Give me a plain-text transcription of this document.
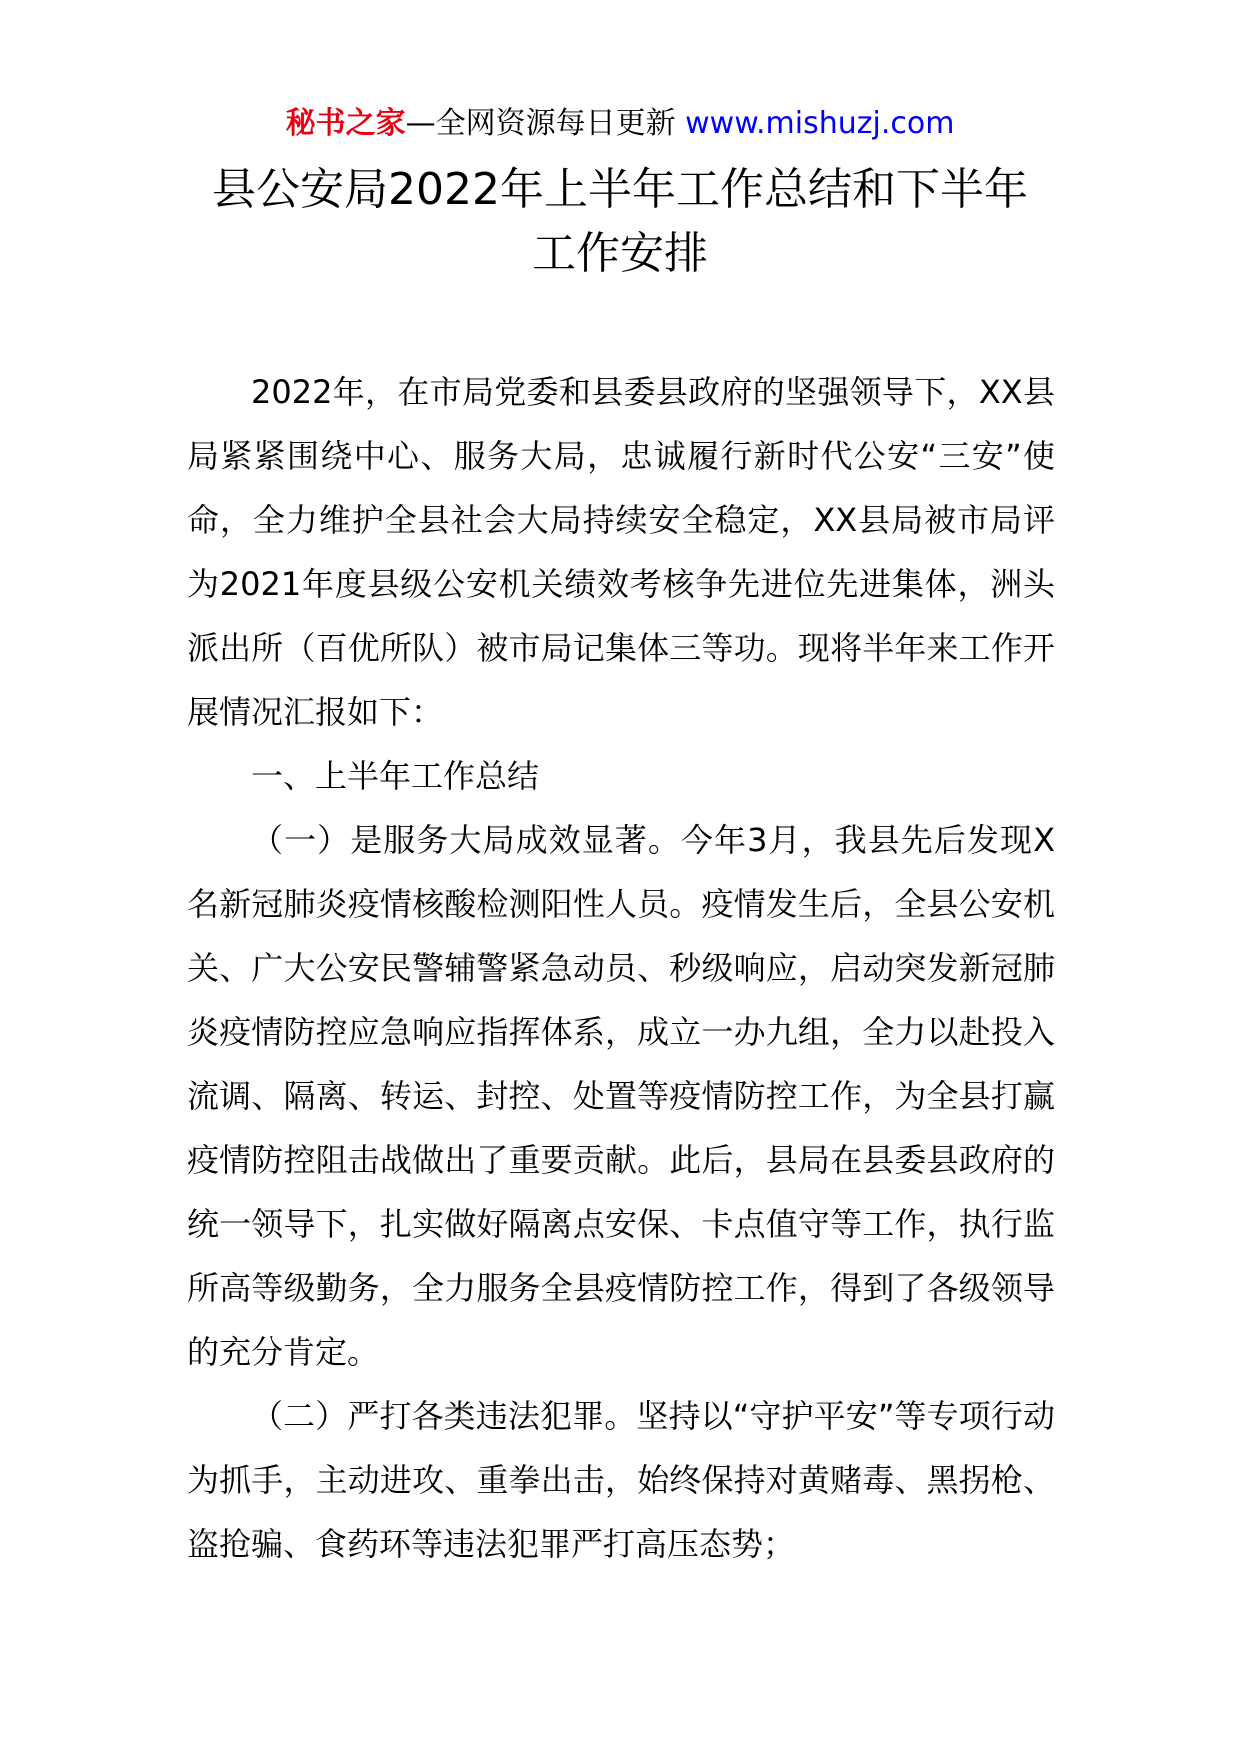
秘书之家—全网资源每日更新 www.mishuzj.com
县公安局2022年上半年工作总结和下半年
工作安排

2022年，在市局党委和县委县政府的坚强领导下，XX县局紧紧围绕中心、服务大局，忠诚履行新时代公安“三安”使命，全力维护全县社会大局持续安全稳定，XX县局被市局评为2021年度县级公安机关绩效考核争先进位先进集体，洲头派出所（百优所队）被市局记集体三等功。现将半年来工作开展情况汇报如下：

一、上半年工作总结

（一）是服务大局成效显著。今年3月，我县先后发现X名新冠肺炎疫情核酸检测阳性人员。疫情发生后，全县公安机关、广大公安民警辅警紧急动员、秒级响应，启动突发新冠肺炎疫情防控应急响应指挥体系，成立一办九组，全力以赴投入流调、隔离、转运、封控、处置等疫情防控工作，为全县打赢疫情防控阻击战做出了重要贡献。此后，县局在县委县政府的统一领导下，扎实做好隔离点安保、卡点值守等工作，执行监所高等级勤务，全力服务全县疫情防控工作，得到了各级领导的充分肯定。

（二）严打各类违法犯罪。坚持以“守护平安”等专项行动为抓手，主动进攻、重拳出击，始终保持对黄赌毒、黑拐枪、盗抢骗、食药环等违法犯罪严打高压态势；
